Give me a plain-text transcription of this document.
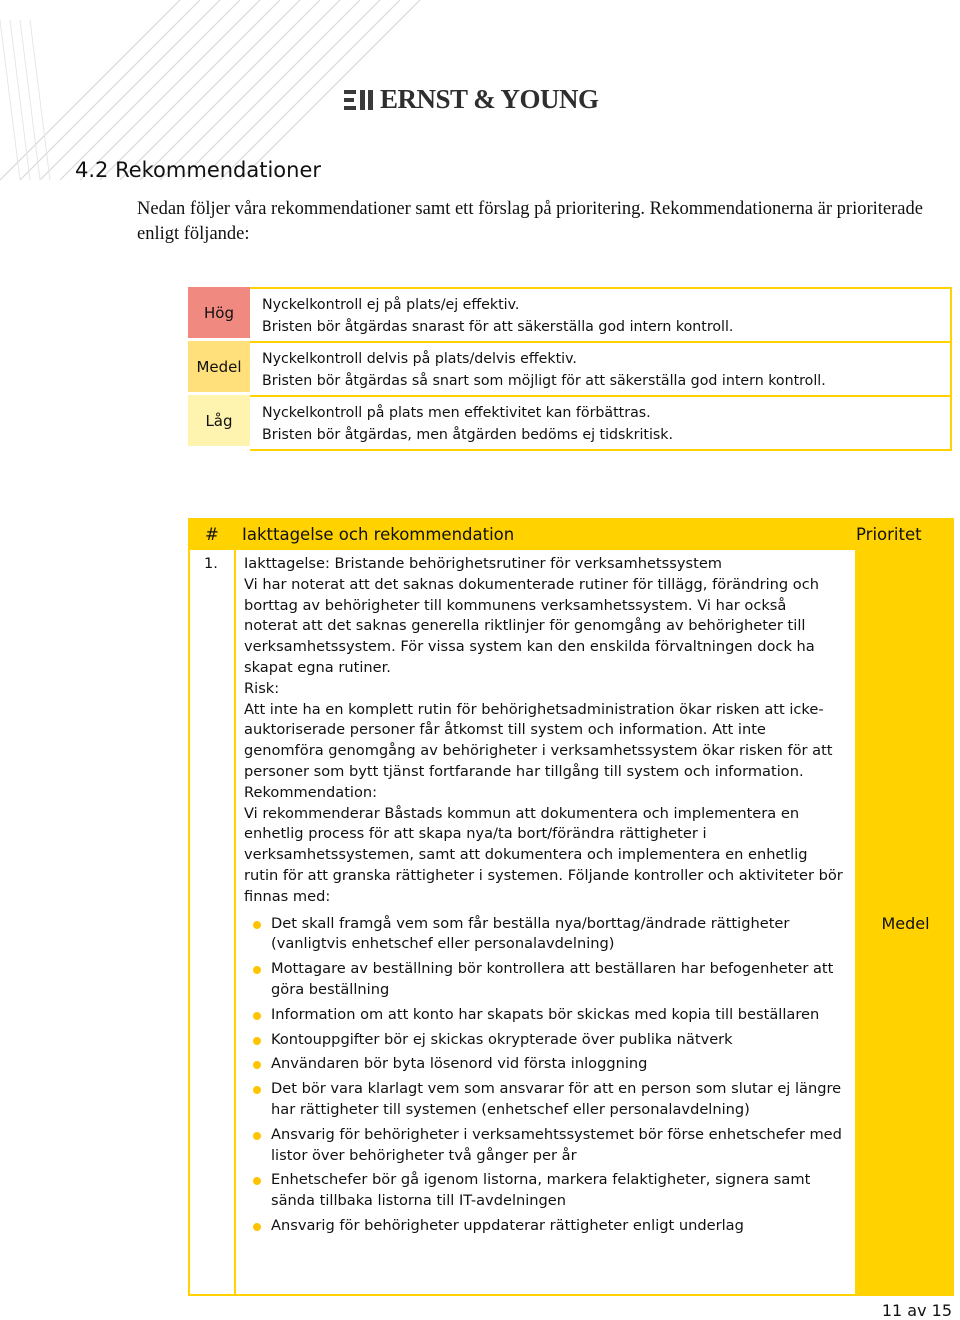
ERNST & YOUNG
4.2 Rekommendationer
Nedan följer våra rekommendationer samt ett förslag på prioritering. Rekommendationerna är prioriterade enligt följande:
Hög	Nyckelkontroll ej på plats/ej effektiv.
Bristen bör åtgärdas snarast för att säkerställa god intern kontroll.
Medel	Nyckelkontroll delvis på plats/delvis effektiv.
Bristen bör åtgärdas så snart som möjligt för att säkerställa god intern kontroll.
Låg	Nyckelkontroll på plats men effektivitet kan förbättras.
Bristen bör åtgärdas, men åtgärden bedöms ej tidskritisk.
#	Iakttagelse och rekommendation	Prioritet
1.	Iakttagelse: Bristande behörighetsrutiner för verksamhetssystem

Vi har noterat att det saknas dokumenterade rutiner för tillägg, förändring och borttag av behörigheter till kommunens verksamhetssystem. Vi har också noterat att det saknas generella riktlinjer för genomgång av behörigheter till verksamhetssystem. För vissa system kan den enskilda förvaltningen dock ha skapat egna rutiner.

Risk:

Att inte ha en komplett rutin för behörighetsadministration ökar risken att icke-auktoriserade personer får åtkomst till system och information. Att inte genomföra genomgång av behörigheter i verksamhetssystem ökar risken för att personer som bytt tjänst fortfarande har tillgång till system och information.

Rekommendation:

Vi rekommenderar Båstads kommun att dokumentera och implementera en enhetlig process för att skapa nya/ta bort/förändra rättigheter i verksamhetssystemen, samt att dokumentera och implementera en enhetlig rutin för att granska rättigheter i systemen. Följande kontroller och aktiviteter bör finnas med:

Det skall framgå vem som får beställa nya/borttag/ändrade rättigheter (vanligtvis enhetschef eller personalavdelning)
Mottagare av beställning bör kontrollera att beställaren har befogenheter att göra beställning
Information om att konto har skapats bör skickas med kopia till beställaren
Kontouppgifter bör ej skickas okrypterade över publika nätverk
Användaren bör byta lösenord vid första inloggning
Det bör vara klarlagt vem som ansvarar för att en person som slutar ej längre har rättigheter till systemen (enhetschef eller personalavdelning)
Ansvarig för behörigheter i verksamehtssystemet bör förse enhetschefer med listor över behörigheter två gånger per år
Enhetschefer bör gå igenom listorna, markera felaktigheter, signera samt sända tillbaka listorna till IT-avdelningen
Ansvarig för behörigheter uppdaterar rättigheter enligt underlag
Medel
11 av 15
